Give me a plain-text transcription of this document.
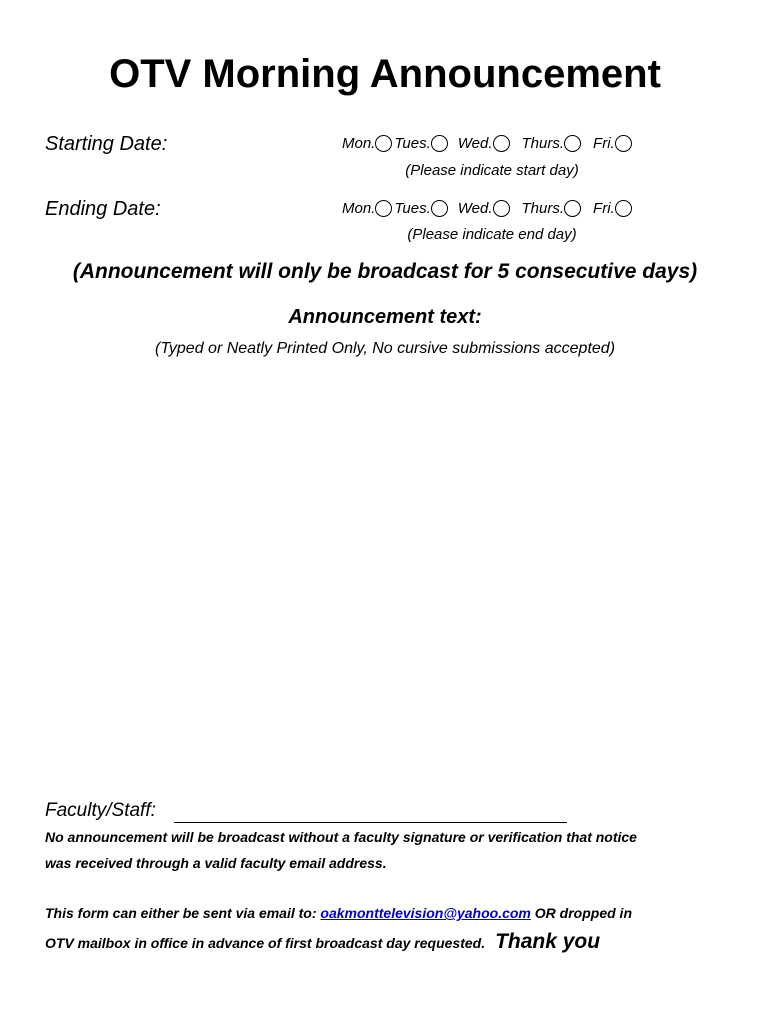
OTV Morning Announcement
Starting Date:	Mon. Tues. Wed. Thurs. Fri.
(Please indicate start day)
Ending Date:	Mon. Tues. Wed. Thurs. Fri.
(Please indicate end day)
(Announcement will only be broadcast for 5 consecutive days)
Announcement text:
(Typed or Neatly Printed Only, No cursive submissions accepted)
Faculty/Staff:
No announcement will be broadcast without a faculty signature or verification that notice
was received through a valid faculty email address.
This form can either be sent via email to: oakmonttelevision@yahoo.com OR dropped in
OTV mailbox in office in advance of first broadcast day requested. Thank you
